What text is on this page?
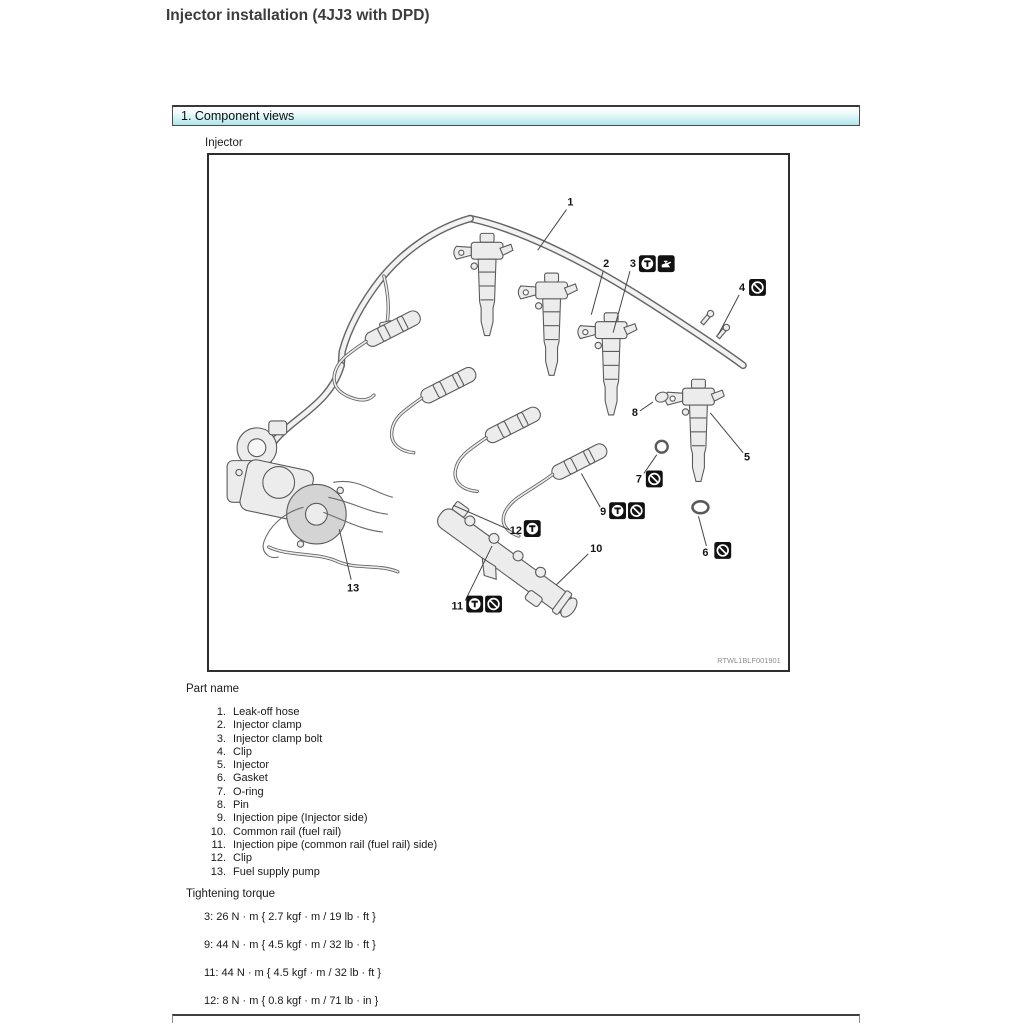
Injector installation (4JJ3 with DPD)
1. Component views
Injector
1
2 3
4
5
6
7
8
9
10
11
12
13
RTWL1BLF001901
Part name
1. Leak-off hose
2. Injector clamp
3. Injector clamp bolt
4. Clip
5. Injector
6. Gasket
7. O-ring
8. Pin
9. Injection pipe (Injector side)
10. Common rail (fuel rail)
11. Injection pipe (common rail (fuel rail) side)
12. Clip
13. Fuel supply pump
Tightening torque
3: 26 N · m { 2.7 kgf · m / 19 lb · ft }
9: 44 N · m { 4.5 kgf · m / 32 lb · ft }
11: 44 N · m { 4.5 kgf · m / 32 lb · ft }
12: 8 N · m { 0.8 kgf · m / 71 lb · in }
